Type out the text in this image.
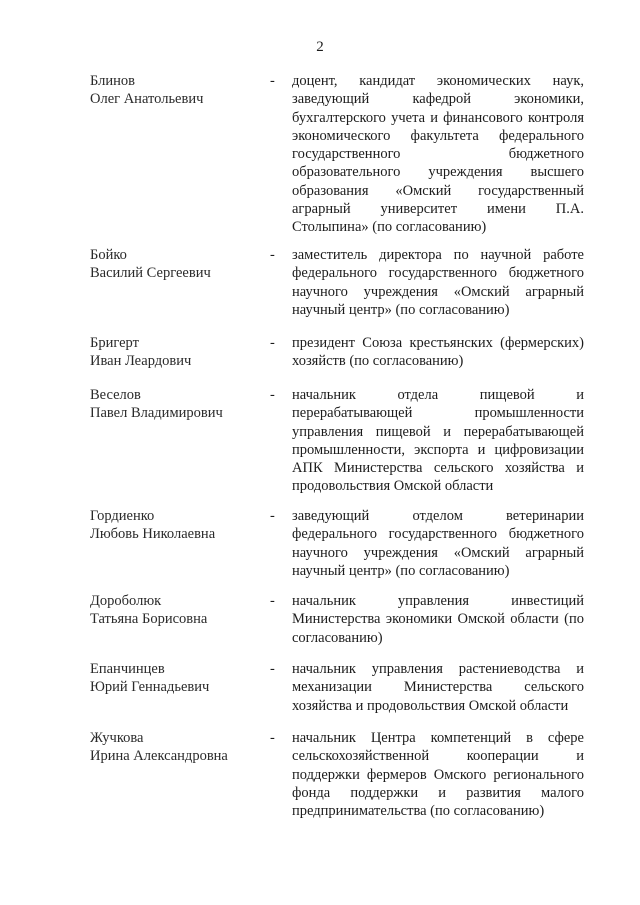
2
Блинов
Олег Анатольевич
- доцент, кандидат экономических наук, заведующий кафедрой экономики, бухгалтерского учета и финансового контроля экономического факультета федерального государственного бюджетного образовательного учреждения высшего образования «Омский государственный аграрный университет имени П.А. Столыпина» (по согласованию)
Бойко
Василий Сергеевич
- заместитель директора по научной работе федерального государственного бюджетного научного учреждения «Омский аграрный научный центр» (по согласованию)
Бригерт
Иван Леардович
- президент Союза крестьянских (фермерских) хозяйств (по согласованию)
Веселов
Павел Владимирович
- начальник отдела пищевой и перерабатывающей промышленности управления пищевой и перерабатывающей промышленности, экспорта и цифровизации АПК Министерства сельского хозяйства и продовольствия Омской области
Гордиенко
Любовь Николаевна
- заведующий отделом ветеринарии федерального государственного бюджетного научного учреждения «Омский аграрный научный центр» (по согласованию)
Дороболюк
Татьяна Борисовна
- начальник управления инвестиций Министерства экономики Омской области (по согласованию)
Епанчинцев
Юрий Геннадьевич
- начальник управления растениеводства и механизации Министерства сельского хозяйства и продовольствия Омской области
Жучкова
Ирина Александровна
- начальник Центра компетенций в сфере сельскохозяйственной кооперации и поддержки фермеров Омского регионального фонда поддержки и развития малого предпринимательства (по согласованию)
